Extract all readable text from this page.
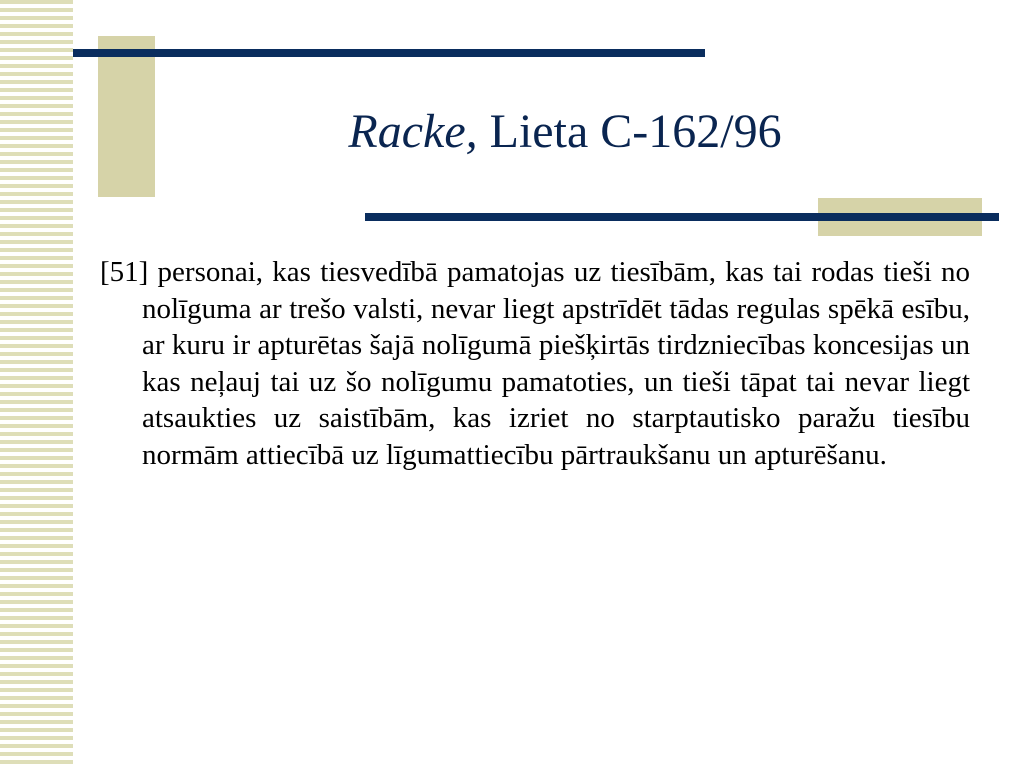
Racke, Lieta C-162/96
[51] personai, kas tiesvedībā pamatojas uz tiesībām, kas tai rodas tieši no nolīguma ar trešo valsti, nevar liegt apstrīdēt tādas regulas spēkā esību, ar kuru ir apturētas šajā nolīgumā piešķirtās tirdzniecības koncesijas un kas neļauj tai uz šo nolīgumu pamatoties, un tieši tāpat tai nevar liegt atsaukties uz saistībām, kas izriet no starptautisko paražu tiesību normām attiecībā uz līgumattiecību pārtraukšanu un apturēšanu.
